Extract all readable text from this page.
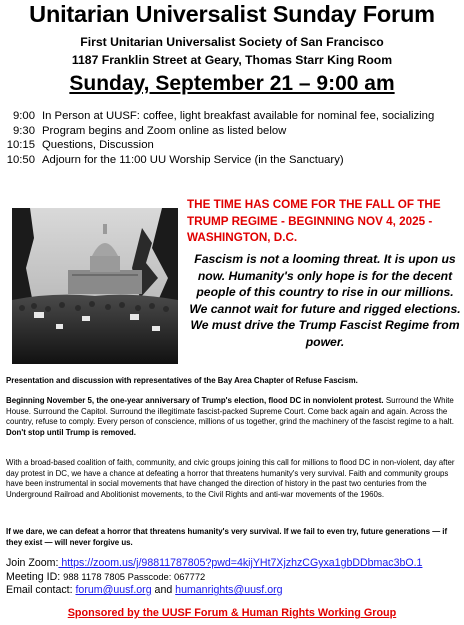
Unitarian Universalist Sunday Forum
First Unitarian Universalist Society of San Francisco
1187 Franklin Street at Geary, Thomas Starr King Room
Sunday, September 21 – 9:00 am
9:00 In Person at UUSF: coffee, light breakfast available for nominal fee, socializing
9:30 Program begins and Zoom online as listed below
10:15 Questions, Discussion
10:50 Adjourn for the 11:00 UU Worship Service (in the Sanctuary)
THE TIME HAS COME FOR THE FALL OF THE TRUMP REGIME - BEGINNING NOV 4, 2025 - WASHINGTON, D.C.
Fascism is not a looming threat. It is upon us now. Humanity's only hope is for the decent people of this country to rise in our millions. We cannot wait for future and rigged elections. We must drive the Trump Fascist Regime from power.
Presentation and discussion with representatives of the Bay Area Chapter of Refuse Fascism.
Beginning November 5, the one-year anniversary of Trump's election, flood DC in nonviolent protest. Surround the White House. Surround the Capitol. Surround the illegitimate fascist-packed Supreme Court. Come back again and again. Across the country, refuse to comply. Every person of conscience, millions of us together, grind the machinery of the fascist regime to a halt.
Don't stop until Trump is removed.
With a broad-based coalition of faith, community, and civic groups joining this call for millions to flood DC in non-violent, day after day protest in DC, we have a chance at defeating a horror that threatens humanity's very survival. Faith and community groups have been instrumental in social movements that have changed the direction of history in the past two centuries from the Underground Railroad and Abolitionist movements, to the Civil Rights and anti-war movements of the 1960s.
If we dare, we can defeat a horror that threatens humanity's very survival. If we fail to even try, future generations — if they exist — will never forgive us.
Join Zoom: https://zoom.us/j/98811787805?pwd=4kijYHt7XjzhzCGyxa1gbDDbmac3bO.1
Meeting ID: 988 1178 7805 Passcode: 067772
Email contact: forum@uusf.org and humanrights@uusf.org
Sponsored by the UUSF Forum & Human Rights Working Group
